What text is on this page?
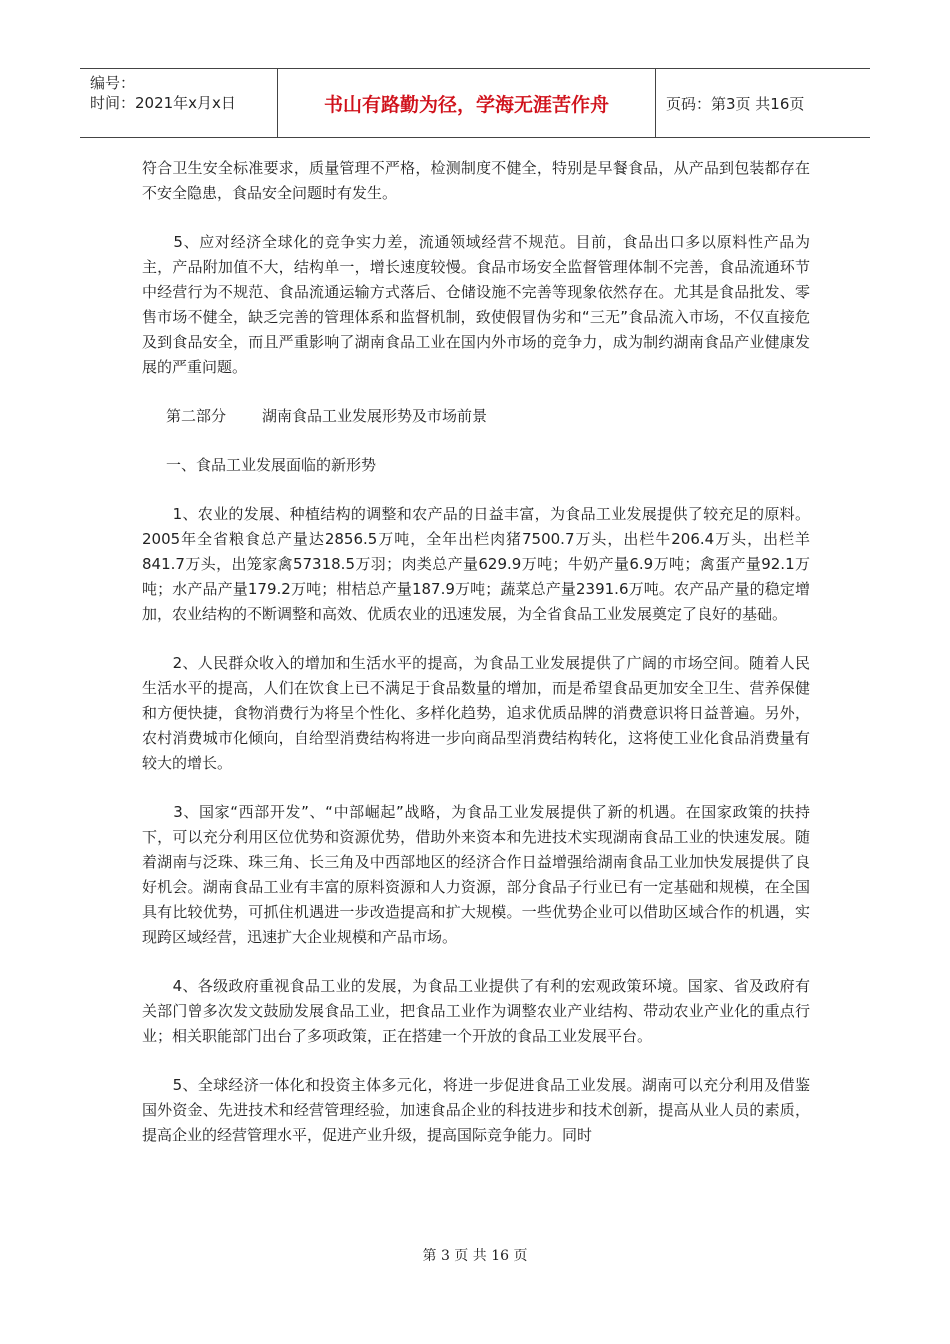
编号：
时间：2021年x月x日	书山有路勤为径，学海无涯苦作舟	页码：第3页 共16页

符合卫生安全标准要求，质量管理不严格，检测制度不健全，特别是早餐食品，从产品到包装都存在不安全隐患，食品安全问题时有发生。

　　5、应对经济全球化的竞争实力差，流通领域经营不规范。目前，食品出口多以原料性产品为主，产品附加值不大，结构单一，增长速度较慢。食品市场安全监督管理体制不完善，食品流通环节中经营行为不规范、食品流通运输方式落后、仓储设施不完善等现象依然存在。尤其是食品批发、零售市场不健全，缺乏完善的管理体系和监督机制，致使假冒伪劣和“三无”食品流入市场，不仅直接危及到食品安全，而且严重影响了湖南食品工业在国内外市场的竞争力，成为制约湖南食品产业健康发展的严重问题。

第二部分 湖南食品工业发展形势及市场前景

一、食品工业发展面临的新形势

　　1、农业的发展、种植结构的调整和农产品的日益丰富，为食品工业发展提供了较充足的原料。2005年全省粮食总产量达2856.5万吨，全年出栏肉猪7500.7万头，出栏牛206.4万头，出栏羊841.7万头，出笼家禽57318.5万羽；肉类总产量629.9万吨；牛奶产量6.9万吨；禽蛋产量92.1万吨；水产品产量179.2万吨；柑桔总产量187.9万吨；蔬菜总产量2391.6万吨。农产品产量的稳定增加，农业结构的不断调整和高效、优质农业的迅速发展，为全省食品工业发展奠定了良好的基础。

　　2、人民群众收入的增加和生活水平的提高，为食品工业发展提供了广阔的市场空间。随着人民生活水平的提高，人们在饮食上已不满足于食品数量的增加，而是希望食品更加安全卫生、营养保健和方便快捷，食物消费行为将呈个性化、多样化趋势，追求优质品牌的消费意识将日益普遍。另外，农村消费城市化倾向，自给型消费结构将进一步向商品型消费结构转化，这将使工业化食品消费量有较大的增长。

　　3、国家“西部开发”、“中部崛起”战略，为食品工业发展提供了新的机遇。在国家政策的扶持下，可以充分利用区位优势和资源优势，借助外来资本和先进技术实现湖南食品工业的快速发展。随着湖南与泛珠、珠三角、长三角及中西部地区的经济合作日益增强给湖南食品工业加快发展提供了良好机会。湖南食品工业有丰富的原料资源和人力资源，部分食品子行业已有一定基础和规模，在全国具有比较优势，可抓住机遇进一步改造提高和扩大规模。一些优势企业可以借助区域合作的机遇，实现跨区域经营，迅速扩大企业规模和产品市场。

　　4、各级政府重视食品工业的发展，为食品工业提供了有利的宏观政策环境。国家、省及政府有关部门曾多次发文鼓励发展食品工业，把食品工业作为调整农业产业结构、带动农业产业化的重点行业；相关职能部门出台了多项政策，正在搭建一个开放的食品工业发展平台。

　　5、全球经济一体化和投资主体多元化，将进一步促进食品工业发展。湖南可以充分利用及借鉴国外资金、先进技术和经营管理经验，加速食品企业的科技进步和技术创新，提高从业人员的素质，提高企业的经营管理水平，促进产业升级，提高国际竞争能力。同时

第 3 页 共 16 页
